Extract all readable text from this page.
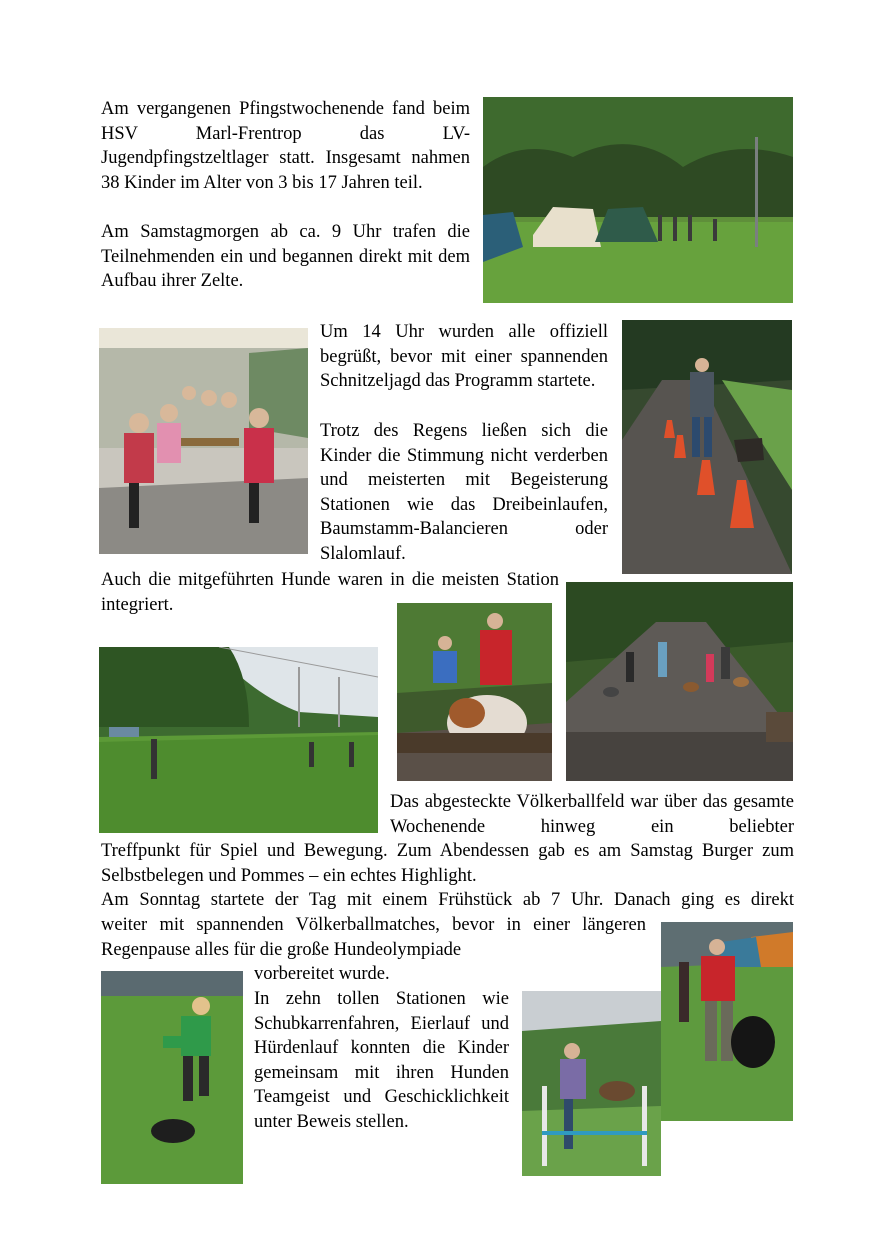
Am vergangenen Pfingstwochenende fand beim HSV Marl-Frentrop das LV-Jugendpfingstzeltlager statt. Insgesamt nahmen 38 Kinder im Alter von 3 bis 17 Jahren teil.

Am Samstagmorgen ab ca. 9 Uhr trafen die Teilnehmenden ein und begannen direkt mit dem Aufbau ihrer Zelte.

Um 14 Uhr wurden alle offiziell begrüßt, bevor mit einer spannenden Schnitzeljagd das Programm startete.

Trotz des Regens ließen sich die Kinder die Stimmung nicht verderben und meisterten mit Begeisterung Stationen wie das Dreibeinlaufen, Baumstamm-Balancieren oder Slalomlauf.

Auch die mitgeführten Hunde waren in die meisten Station integriert.

Das abgesteckte Völkerballfeld war über das gesamte Wochenende hinweg ein beliebter

Treffpunkt für Spiel und Bewegung. Zum Abendessen gab es am Samstag Burger zum Selbstbelegen und Pommes – ein echtes Highlight.

Am Sonntag startete der Tag mit einem Frühstück ab 7 Uhr. Danach ging es direkt

weiter mit spannenden Völkerballmatches, bevor in einer längeren Regenpause alles für die große Hundeolympiade

vorbereitet wurde.

In zehn tollen Stationen wie Schubkarrenfahren, Eierlauf und Hürdenlauf konnten die Kinder gemeinsam mit ihren Hunden Teamgeist und Geschicklichkeit unter Beweis stellen.
